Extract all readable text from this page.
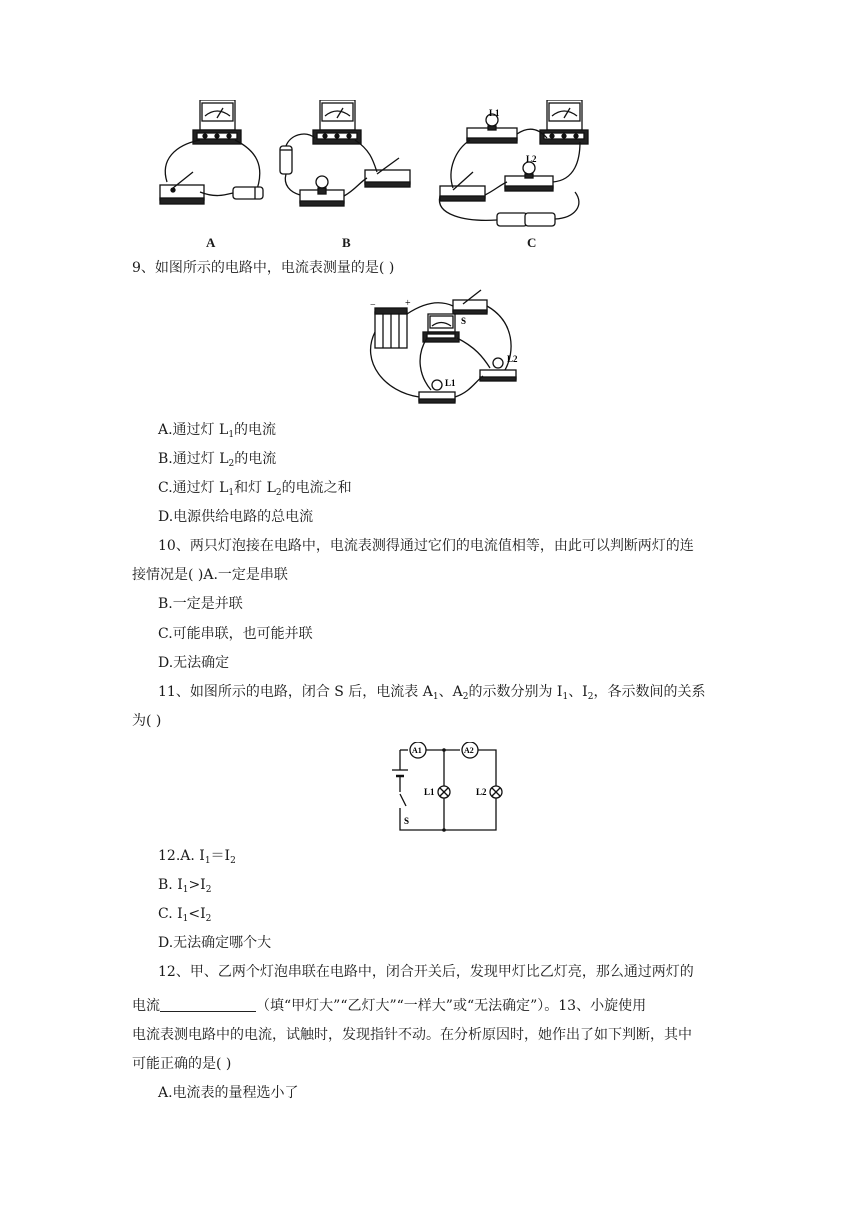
L1
L2
A	B	C
9、如图所示的电路中，电流表测量的是( )
−	+
S
L2
L1
A.通过灯 $L_1$的电流
B.通过灯 $L_2$的电流
C.通过灯 $L_1$和灯 $L_2$的电流之和
D.电源供给电路的总电流
10、两只灯泡接在电路中，电流表测得通过它们的电流值相等，由此可以判断两灯的连
接情况是( )A.一定是串联
B.一定是并联
C.可能串联，也可能并联
D.无法确定
11、如图所示的电路，闭合 S 后，电流表 $A_1$、$A_2$的示数分别为 $I_1$、$I_2$，各示数间的关系
为( )
A1	A2
L1	L2
S
12.A. $I_1=I_2$
B. $I_1>I_2$
C. $I_1<I_2$
D.无法确定哪个大
12、甲、乙两个灯泡串联在电路中，闭合开关后，发现甲灯比乙灯亮，那么通过两灯的
电流	（填“甲灯大”“乙灯大”“一样大”或“无法确定”）。13、小旋使用
电流表测电路中的电流，试触时，发现指针不动。在分析原因时，她作出了如下判断，其中
可能正确的是( )
A.电流表的量程选小了
